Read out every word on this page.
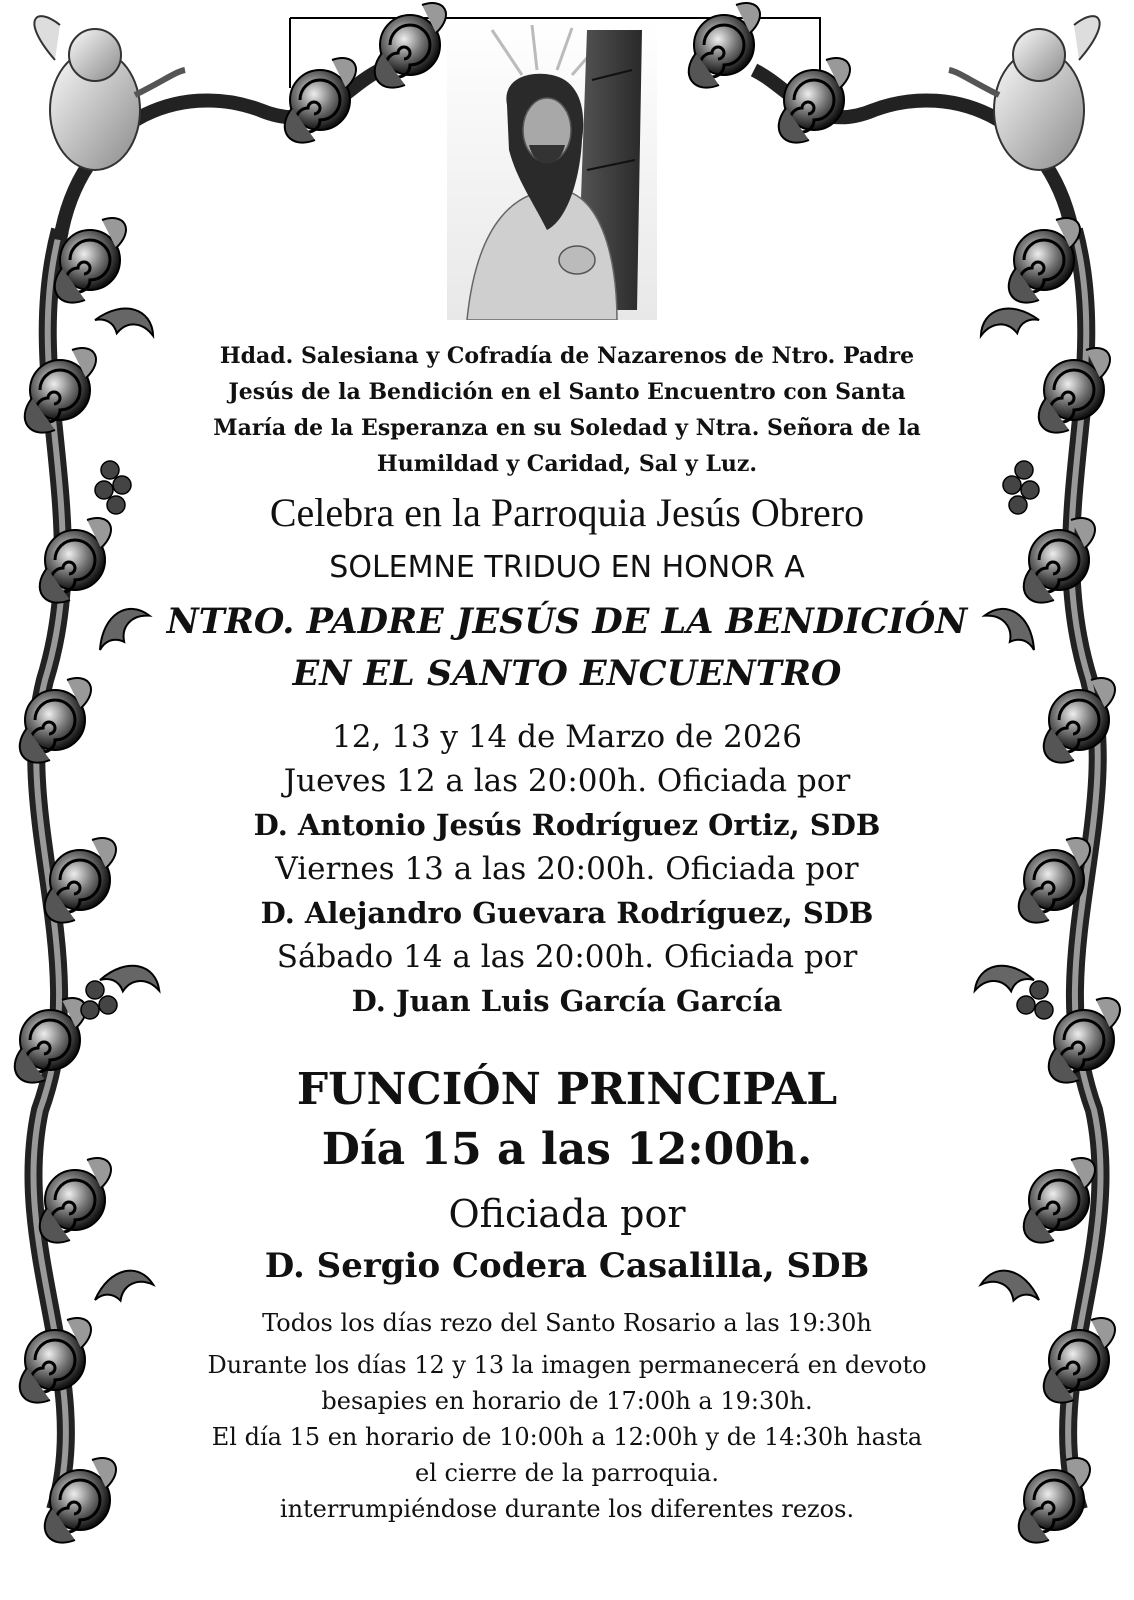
Hdad. Salesiana y Cofradía de Nazarenos de Ntro. Padre
Jesús de la Bendición en el Santo Encuentro con Santa
María de la Esperanza en su Soledad y Ntra. Señora de la
Humildad y Caridad, Sal y Luz.
Celebra en la Parroquia Jesús Obrero
SOLEMNE TRIDUO EN HONOR A
NTRO. PADRE JESÚS DE LA BENDICIÓN
EN EL SANTO ENCUENTRO
12, 13 y 14 de Marzo de 2026
Jueves 12 a las 20:00h. Oficiada por
D. Antonio Jesús Rodríguez Ortiz, SDB
Viernes 13 a las 20:00h. Oficiada por
D. Alejandro Guevara Rodríguez, SDB
Sábado 14 a las 20:00h. Oficiada por
D. Juan Luis García García
FUNCIÓN PRINCIPAL
Día 15 a las 12:00h.
Oficiada por
D. Sergio Codera Casalilla, SDB
Todos los días rezo del Santo Rosario a las 19:30h
Durante los días 12 y 13 la imagen permanecerá en devoto
besapies en horario de 17:00h a 19:30h.
El día 15 en horario de 10:00h a 12:00h y de 14:30h hasta
el cierre de la parroquia.
interrumpiéndose durante los diferentes rezos.
